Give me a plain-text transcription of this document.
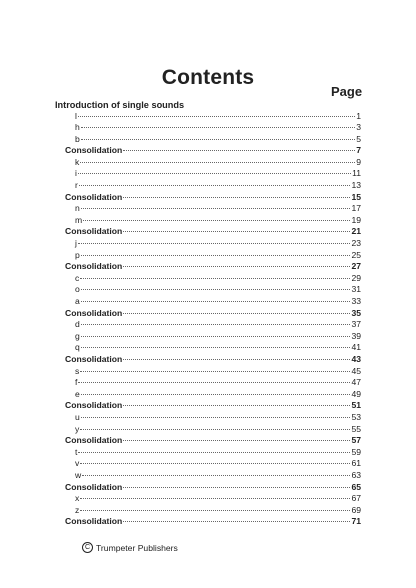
Contents
Page
Introduction of single sounds
l	1
h	3
b	5
Consolidation	7
k	9
i	11
r	13
Consolidation	15
n	17
m	19
Consolidation	21
j	23
p	25
Consolidation	27
c	29
o	31
a	33
Consolidation	35
d	37
g	39
q	41
Consolidation	43
s	45
f	47
e	49
Consolidation	51
u	53
y	55
Consolidation	57
t	59
v	61
w	63
Consolidation	65
x	67
z	69
Consolidation	71
C Trumpeter Publishers
